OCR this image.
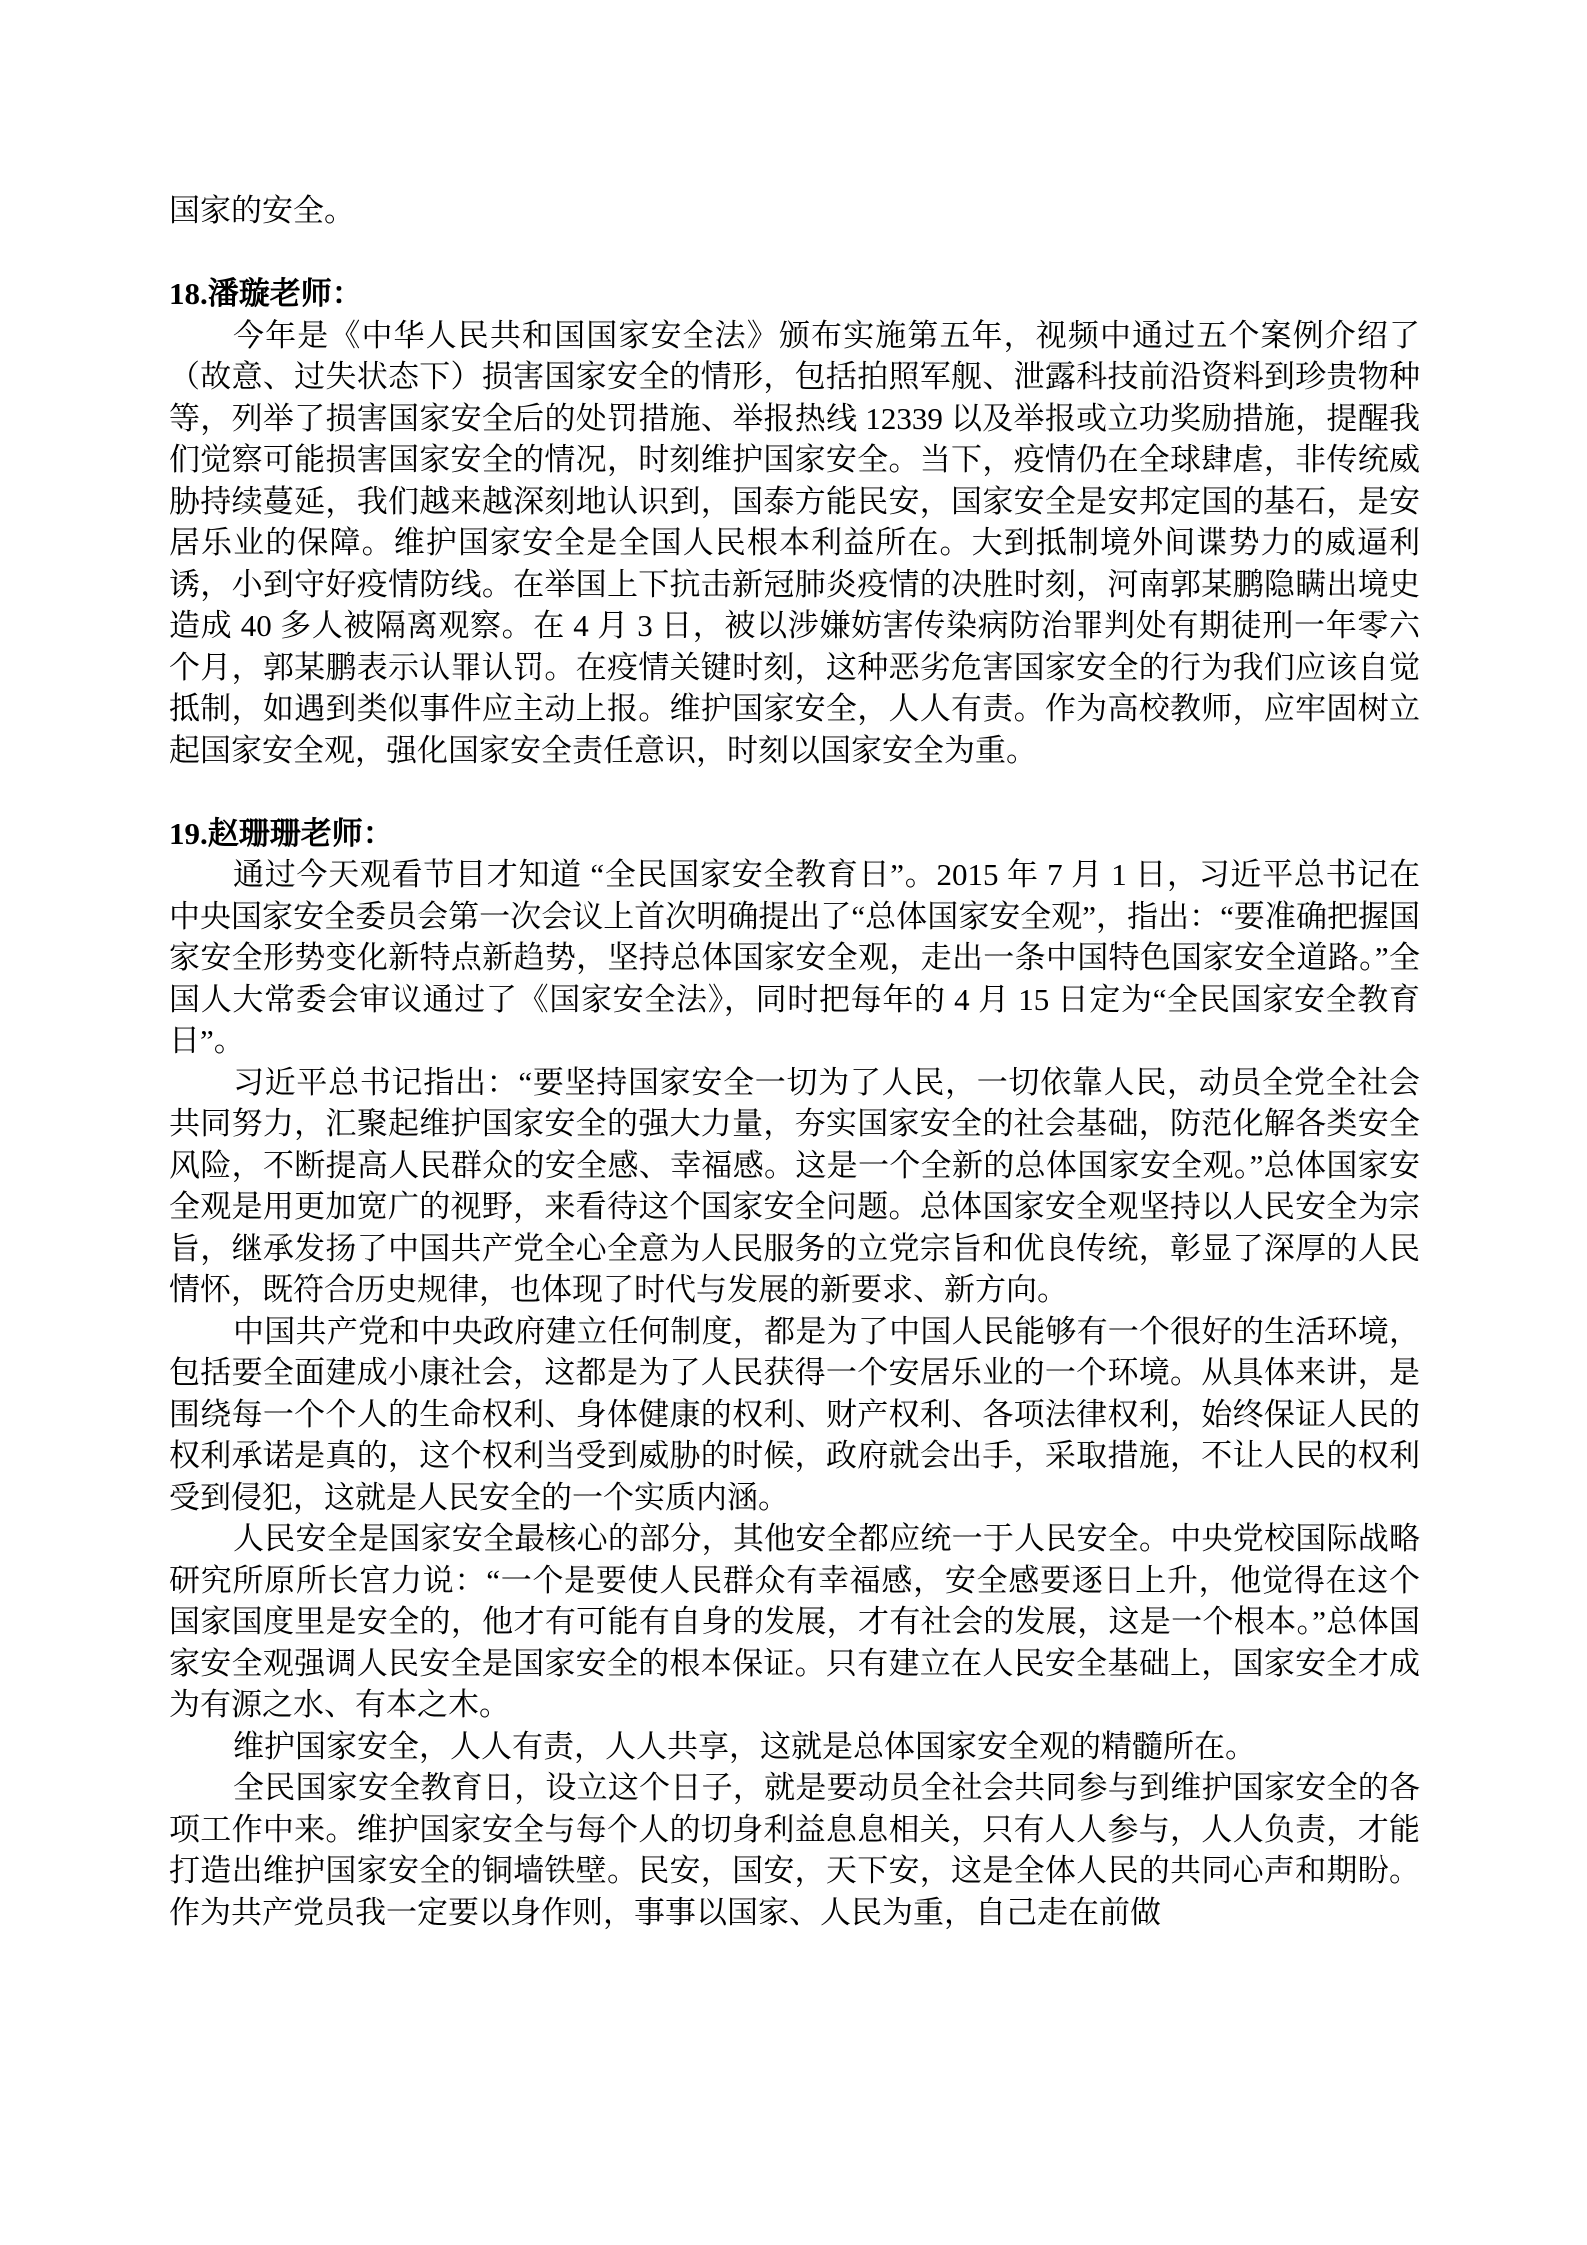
国家的安全。

18.潘璇老师：

今年是《中华人民共和国国家安全法》颁布实施第五年，视频中通过五个案例介绍了（故意、过失状态下）损害国家安全的情形，包括拍照军舰、泄露科技前沿资料到珍贵物种等，列举了损害国家安全后的处罚措施、举报热线 12339 以及举报或立功奖励措施，提醒我们觉察可能损害国家安全的情况，时刻维护国家安全。当下，疫情仍在全球肆虐，非传统威胁持续蔓延，我们越来越深刻地认识到，国泰方能民安，国家安全是安邦定国的基石，是安居乐业的保障。维护国家安全是全国人民根本利益所在。大到抵制境外间谍势力的威逼利诱，小到守好疫情防线。在举国上下抗击新冠肺炎疫情的决胜时刻，河南郭某鹏隐瞒出境史造成 40 多人被隔离观察。在 4 月 3 日，被以涉嫌妨害传染病防治罪判处有期徒刑一年零六个月，郭某鹏表示认罪认罚。在疫情关键时刻，这种恶劣危害国家安全的行为我们应该自觉抵制，如遇到类似事件应主动上报。维护国家安全，人人有责。作为高校教师，应牢固树立起国家安全观，强化国家安全责任意识，时刻以国家安全为重。

19.赵珊珊老师：

通过今天观看节目才知道 “全民国家安全教育日”。2015 年 7 月 1 日，习近平总书记在中央国家安全委员会第一次会议上首次明确提出了“总体国家安全观”，指出：“要准确把握国家安全形势变化新特点新趋势，坚持总体国家安全观，走出一条中国特色国家安全道路。”全国人大常委会审议通过了《国家安全法》，同时把每年的 4 月 15 日定为“全民国家安全教育日”。

习近平总书记指出：“要坚持国家安全一切为了人民，一切依靠人民，动员全党全社会共同努力，汇聚起维护国家安全的强大力量，夯实国家安全的社会基础，防范化解各类安全风险，不断提高人民群众的安全感、幸福感。这是一个全新的总体国家安全观。”总体国家安全观是用更加宽广的视野，来看待这个国家安全问题。总体国家安全观坚持以人民安全为宗旨，继承发扬了中国共产党全心全意为人民服务的立党宗旨和优良传统，彰显了深厚的人民情怀，既符合历史规律，也体现了时代与发展的新要求、新方向。

中国共产党和中央政府建立任何制度，都是为了中国人民能够有一个很好的生活环境，包括要全面建成小康社会，这都是为了人民获得一个安居乐业的一个环境。从具体来讲，是围绕每一个个人的生命权利、身体健康的权利、财产权利、各项法律权利，始终保证人民的权利承诺是真的，这个权利当受到威胁的时候，政府就会出手，采取措施，不让人民的权利受到侵犯，这就是人民安全的一个实质内涵。

人民安全是国家安全最核心的部分，其他安全都应统一于人民安全。中央党校国际战略研究所原所长宫力说：“一个是要使人民群众有幸福感，安全感要逐日上升，他觉得在这个国家国度里是安全的，他才有可能有自身的发展，才有社会的发展，这是一个根本。”总体国家安全观强调人民安全是国家安全的根本保证。只有建立在人民安全基础上，国家安全才成为有源之水、有本之木。

维护国家安全，人人有责，人人共享，这就是总体国家安全观的精髓所在。

全民国家安全教育日，设立这个日子，就是要动员全社会共同参与到维护国家安全的各项工作中来。维护国家安全与每个人的切身利益息息相关，只有人人参与，人人负责，才能打造出维护国家安全的铜墙铁壁。民安，国安，天下安，这是全体人民的共同心声和期盼。作为共产党员我一定要以身作则，事事以国家、人民为重，自己走在前做
